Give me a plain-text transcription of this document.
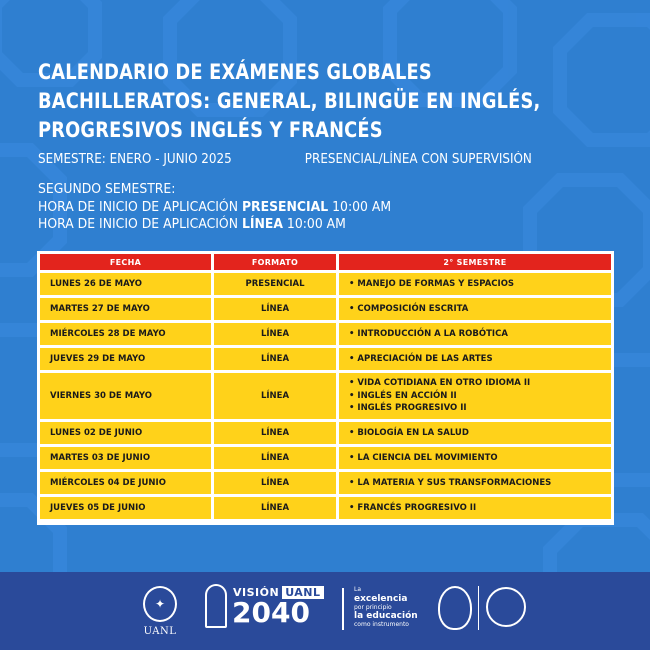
CALENDARIO DE EXÁMENES GLOBALES
BACHILLERATOS: GENERAL, BILINGÜE EN INGLÉS,
PROGRESIVOS INGLÉS Y FRANCÉS
SEMESTRE: ENERO - JUNIO 2025	PRESENCIAL/LÍNEA CON SUPERVISIÓN
SEGUNDO SEMESTRE:
HORA DE INICIO DE APLICACIÓN PRESENCIAL 10:00 AM
HORA DE INICIO DE APLICACIÓN LÍNEA 10:00 AM
FECHA	FORMATO	2° SEMESTRE
LUNES 26 DE MAYO	PRESENCIAL	• MANEJO DE FORMAS Y ESPACIOS

MARTES 27 DE MAYO	LÍNEA	• COMPOSICIÓN ESCRITA

MIÉRCOLES 28 DE MAYO	LÍNEA	• INTRODUCCIÓN A LA ROBÓTICA

JUEVES 29 DE MAYO	LÍNEA	• APRECIACIÓN DE LAS ARTES

VIERNES 30 DE MAYO	LÍNEA	• VIDA COTIDIANA EN OTRO IDIOMA II
• INGLÉS EN ACCIÓN II
• INGLÉS PROGRESIVO II

LUNES 02 DE JUNIO	LÍNEA	• BIOLOGÍA EN LA SALUD

MARTES 03 DE JUNIO	LÍNEA	• LA CIENCIA DEL MOVIMIENTO

MIÉRCOLES 04 DE JUNIO	LÍNEA	• LA MATERIA Y SUS TRANSFORMACIONES

JUEVES 05 DE JUNIO	LÍNEA	• FRANCÉS PROGRESIVO II
✦
UANL
VISIÓN UANL
2040
La
excelencia
por principio
la educación
como instrumento
